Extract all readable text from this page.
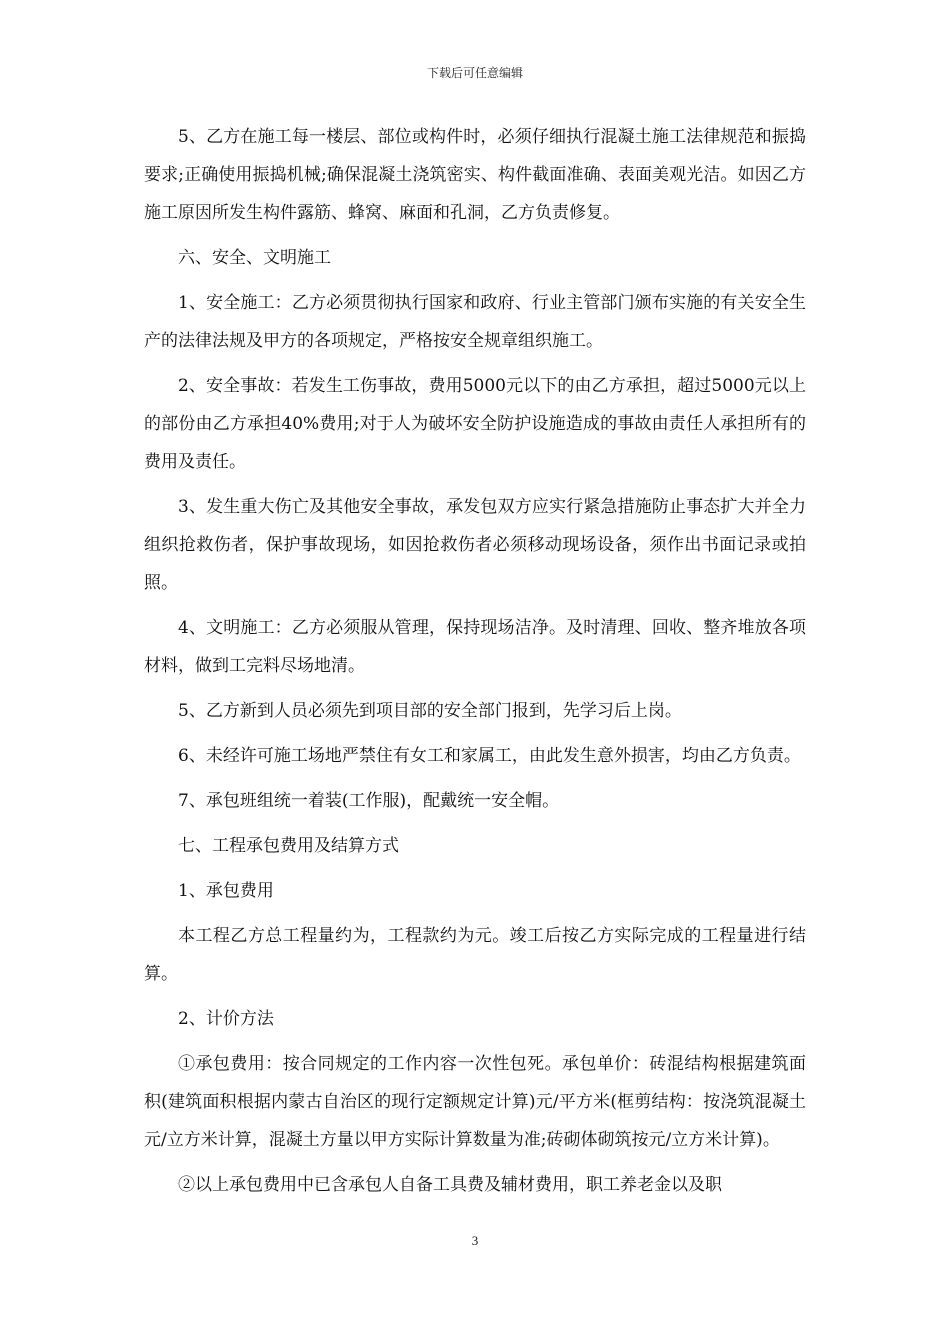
下载后可任意编辑

5、乙方在施工每一楼层、部位或构件时，必须仔细执行混凝土施工法律规范和振捣要求;正确使用振捣机械;确保混凝土浇筑密实、构件截面准确、表面美观光洁。如因乙方施工原因所发生构件露筋、蜂窝、麻面和孔洞，乙方负责修复。

六、安全、文明施工

1、安全施工：乙方必须贯彻执行国家和政府、行业主管部门颁布实施的有关安全生产的法律法规及甲方的各项规定，严格按安全规章组织施工。

2、安全事故：若发生工伤事故，费用5000元以下的由乙方承担，超过5000元以上的部份由乙方承担40%费用;对于人为破坏安全防护设施造成的事故由责任人承担所有的费用及责任。

3、发生重大伤亡及其他安全事故，承发包双方应实行紧急措施防止事态扩大并全力组织抢救伤者，保护事故现场，如因抢救伤者必须移动现场设备，须作出书面记录或拍照。

4、文明施工：乙方必须服从管理，保持现场洁净。及时清理、回收、整齐堆放各项材料，做到工完料尽场地清。

5、乙方新到人员必须先到项目部的安全部门报到，先学习后上岗。

6、未经许可施工场地严禁住有女工和家属工，由此发生意外损害，均由乙方负责。

7、承包班组统一着装(工作服)，配戴统一安全帽。

七、工程承包费用及结算方式

1、承包费用

本工程乙方总工程量约为，工程款约为元。竣工后按乙方实际完成的工程量进行结算。

2、计价方法

①承包费用：按合同规定的工作内容一次性包死。承包单价：砖混结构根据建筑面积(建筑面积根据内蒙古自治区的现行定额规定计算)元/平方米(框剪结构：按浇筑混凝土元/立方米计算，混凝土方量以甲方实际计算数量为准;砖砌体砌筑按元/立方米计算)。

②以上承包费用中已含承包人自备工具费及辅材费用，职工养老金以及职

3
